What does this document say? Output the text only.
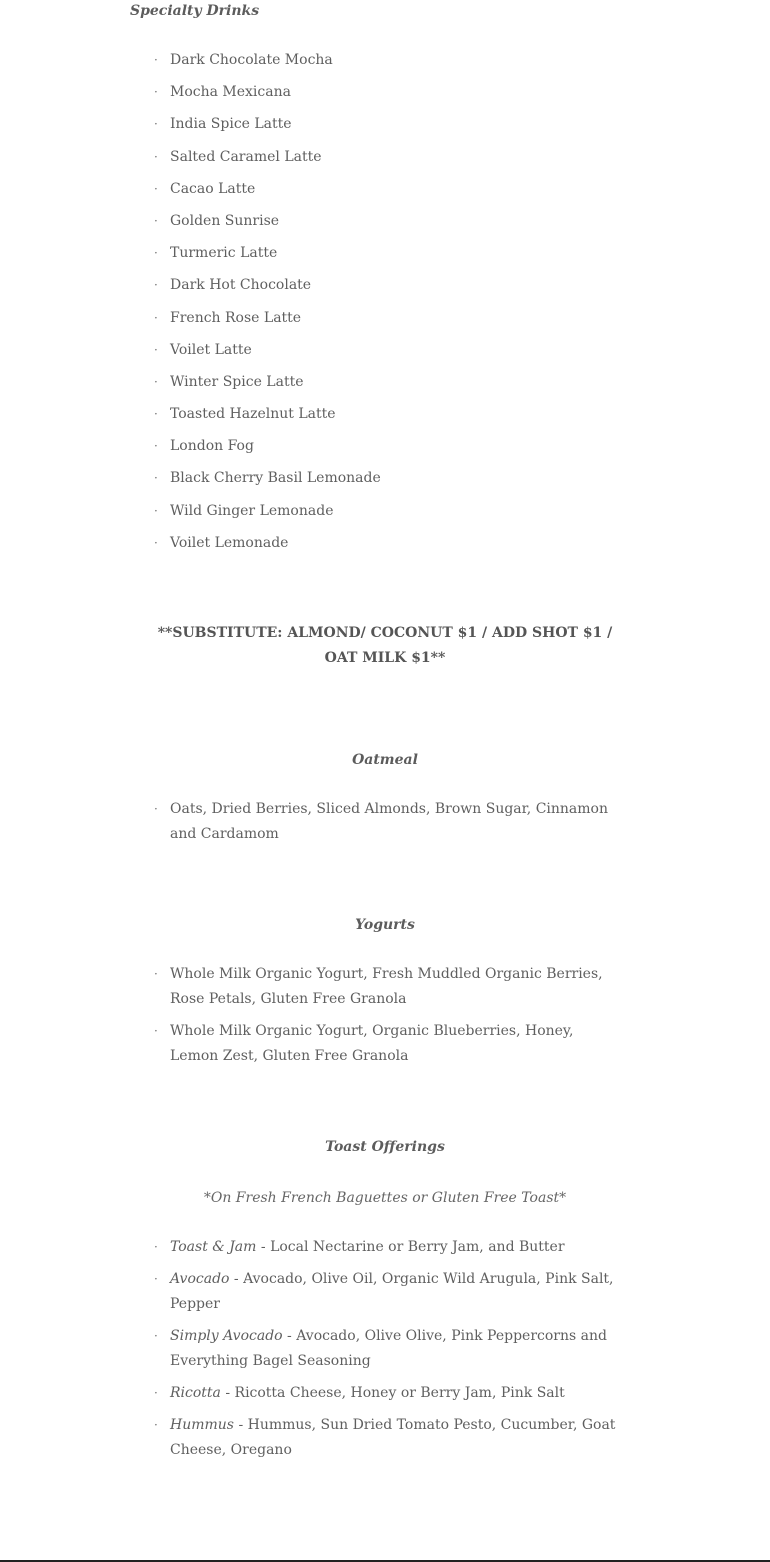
Specialty Drinks
· Dark Chocolate Mocha
· Mocha Mexicana
· India Spice Latte
· Salted Caramel Latte
· Cacao Latte
· Golden Sunrise
· Turmeric Latte
· Dark Hot Chocolate
· French Rose Latte
· Voilet Latte
· Winter Spice Latte
· Toasted Hazelnut Latte
· London Fog
· Black Cherry Basil Lemonade
· Wild Ginger Lemonade
· Voilet Lemonade
**SUBSTITUTE: ALMOND/ COCONUT $1 / ADD SHOT $1 / OAT MILK $1**
Oatmeal
· Oats, Dried Berries, Sliced Almonds, Brown Sugar, Cinnamon and Cardamom
Yogurts
· Whole Milk Organic Yogurt, Fresh Muddled Organic Berries, Rose Petals, Gluten Free Granola
· Whole Milk Organic Yogurt, Organic Blueberries, Honey, Lemon Zest, Gluten Free Granola
Toast Offerings
*On Fresh French Baguettes or Gluten Free Toast*
· Toast & Jam - Local Nectarine or Berry Jam, and Butter
· Avocado - Avocado, Olive Oil, Organic Wild Arugula, Pink Salt, Pepper
· Simply Avocado - Avocado, Olive Olive, Pink Peppercorns and Everything Bagel Seasoning
· Ricotta - Ricotta Cheese, Honey or Berry Jam, Pink Salt
· Hummus - Hummus, Sun Dried Tomato Pesto, Cucumber, Goat Cheese, Oregano
